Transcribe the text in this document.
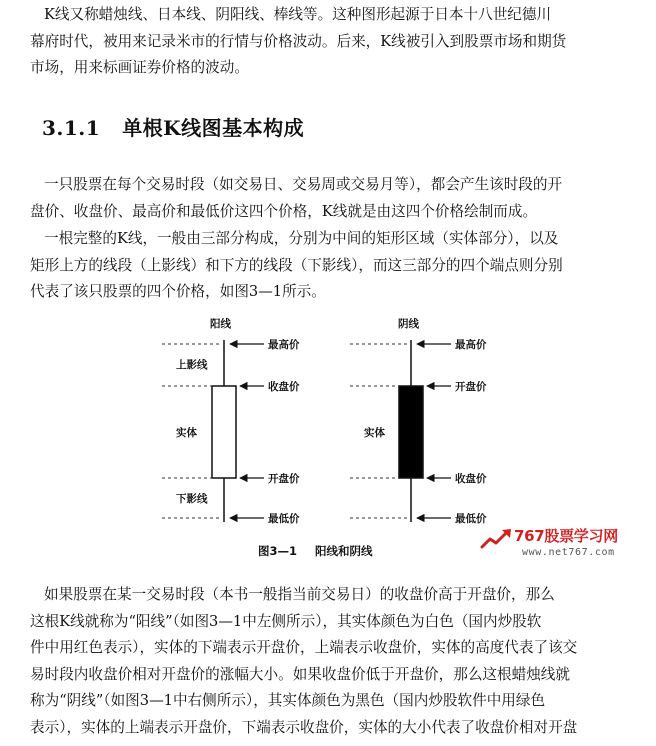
K线又称蜡烛线、日本线、阴阳线、棒线等。这种图形起源于日本十八世纪德川
幕府时代，被用来记录米市的行情与价格波动。后来，K线被引入到股票市场和期货
市场，用来标画证券价格的波动。
3.1.1 单根K线图基本构成
一只股票在每个交易时段（如交易日、交易周或交易月等），都会产生该时段的开
盘价、收盘价、最高价和最低价这四个价格，K线就是由这四个价格绘制而成。
一根完整的K线，一般由三部分构成，分别为中间的矩形区域（实体部分），以及
矩形上方的线段（上影线）和下方的线段（下影线），而这三部分的四个端点则分别
代表了该只股票的四个价格，如图3—1所示。
阳线
上影线
实体
下影线
最高价
收盘价
开盘价
最低价
阴线
实体
最高价
开盘价
收盘价
最低价
图3—1 阳线和阴线
767股票学习网
www.net767.com
如果股票在某一交易时段（本书一般指当前交易日）的收盘价高于开盘价，那么
这根K线就称为“阳线”（如图3—1中左侧所示），其实体颜色为白色（国内炒股软
件中用红色表示），实体的下端表示开盘价，上端表示收盘价，实体的高度代表了该交
易时段内收盘价相对开盘价的涨幅大小。如果收盘价低于开盘价，那么这根蜡烛线就
称为“阴线”（如图3—1中右侧所示），其实体颜色为黑色（国内炒股软件中用绿色
表示），实体的上端表示开盘价，下端表示收盘价，实体的大小代表了收盘价相对开盘
